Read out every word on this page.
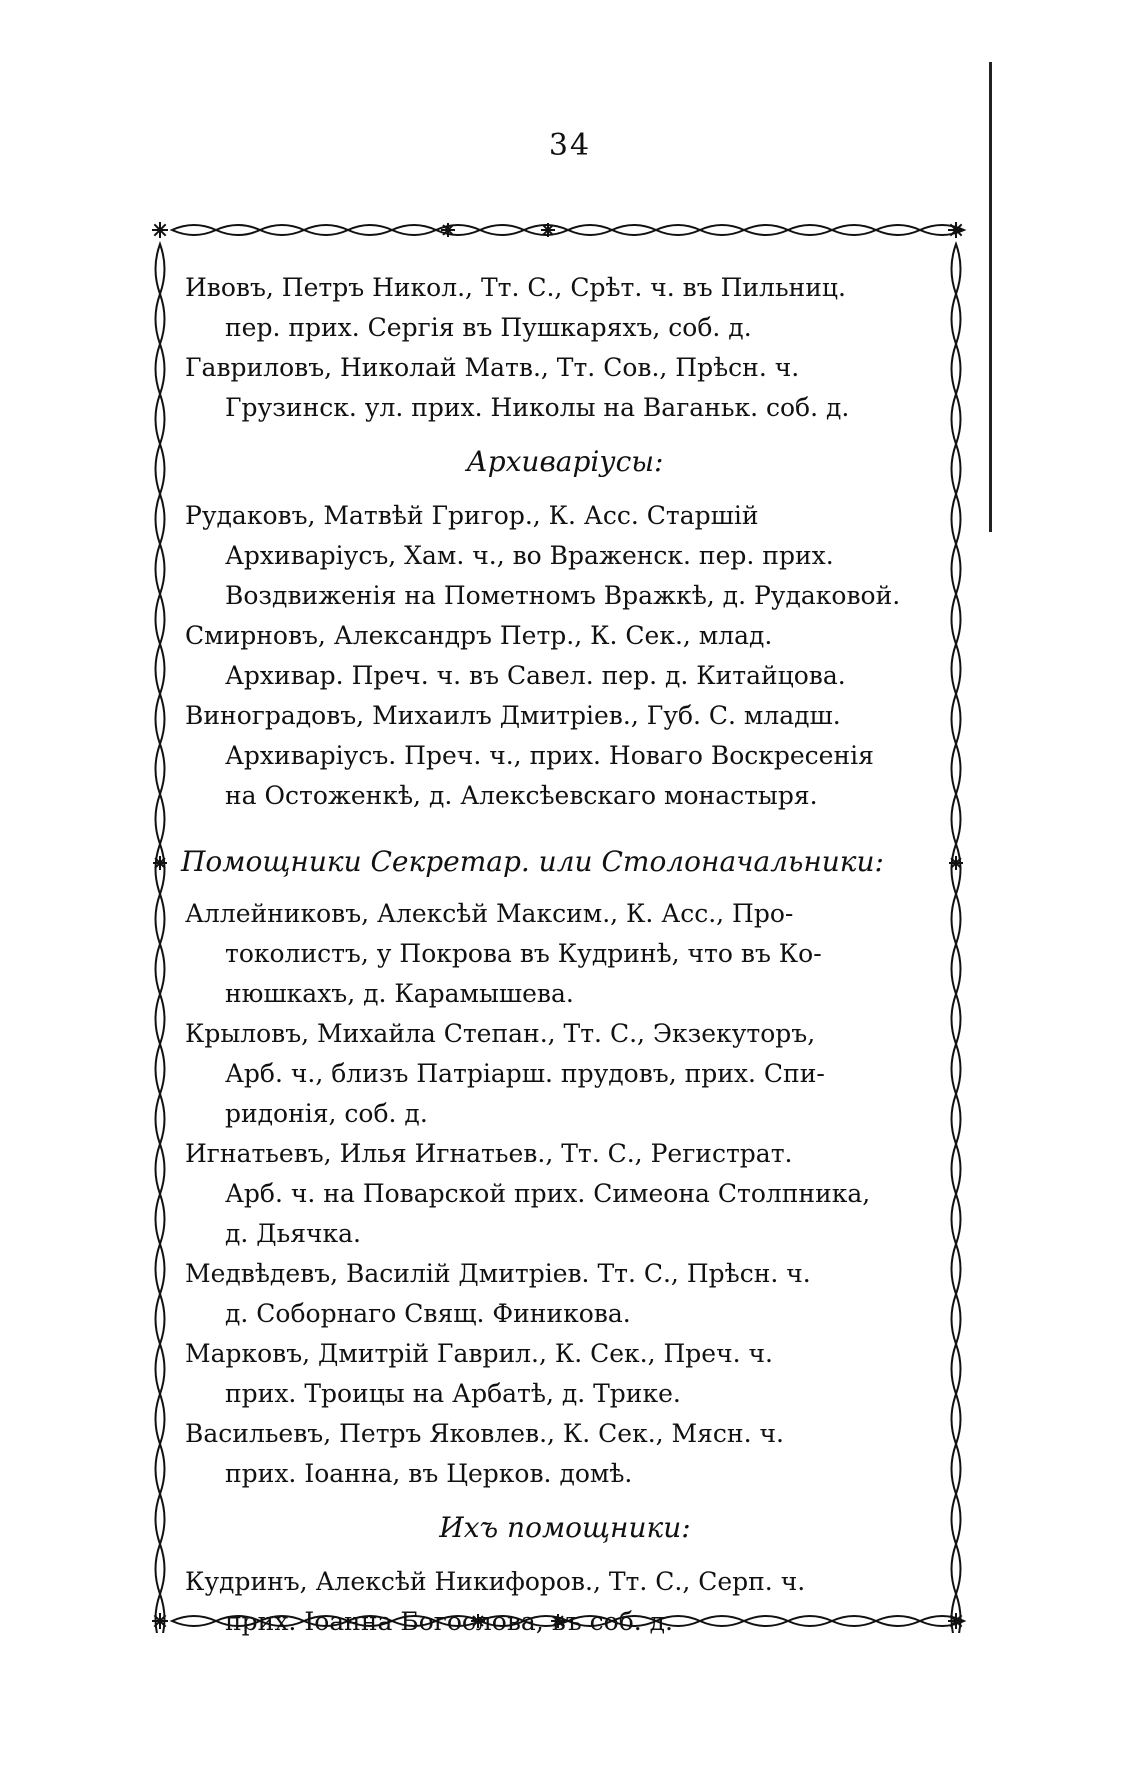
34
Ивовъ, Петръ Никол., Тт. С., Срѣт. ч. въ Пильниц.
пер. прих. Сергія въ Пушкаряхъ, соб. д.
Гавриловъ, Николай Матв., Тт. Сов., Прѣсн. ч.
Грузинск. ул. прих. Николы на Ваганьк. соб. д.
Архиваріусы:
Рудаковъ, Матвѣй Григор., К. Асс. Старшій
Архиваріусъ, Хам. ч., во Враженск. пер. прих.
Воздвиженія на Пометномъ Вражкѣ, д. Рудаковой.
Смирновъ, Александръ Петр., К. Сек., млад.
Архивар. Преч. ч. въ Савел. пер. д. Китайцова.
Виноградовъ, Михаилъ Дмитріев., Губ. С. младш.
Архиваріусъ. Преч. ч., прих. Новаго Воскресенія
на Остоженкѣ, д. Алексѣевскаго монастыря.
Помощники Секретар. или Столоначальники:
Аллейниковъ, Алексѣй Максим., К. Асс., Про-
токолистъ, у Покрова въ Кудринѣ, что въ Ко-
нюшкахъ, д. Карамышева.
Крыловъ, Михайла Степан., Тт. С., Экзекуторъ,
Арб. ч., близъ Патріарш. прудовъ, прих. Спи-
ридонія, соб. д.
Игнатьевъ, Илья Игнатьев., Тт. С., Регистрат.
Арб. ч. на Поварской прих. Симеона Столпника,
д. Дьячка.
Медвѣдевъ, Василій Дмитріев. Тт. С., Прѣсн. ч.
д. Соборнаго Свящ. Финикова.
Марковъ, Дмитрій Гаврил., К. Сек., Преч. ч.
прих. Троицы на Арбатѣ, д. Трике.
Васильевъ, Петръ Яковлев., К. Сек., Мясн. ч.
прих. Іоанна, въ Церков. домѣ.
Ихъ помощники:
Кудринъ, Алексѣй Никифоров., Тт. С., Серп. ч.
прих. Іоанна Богослова, въ соб. д.
